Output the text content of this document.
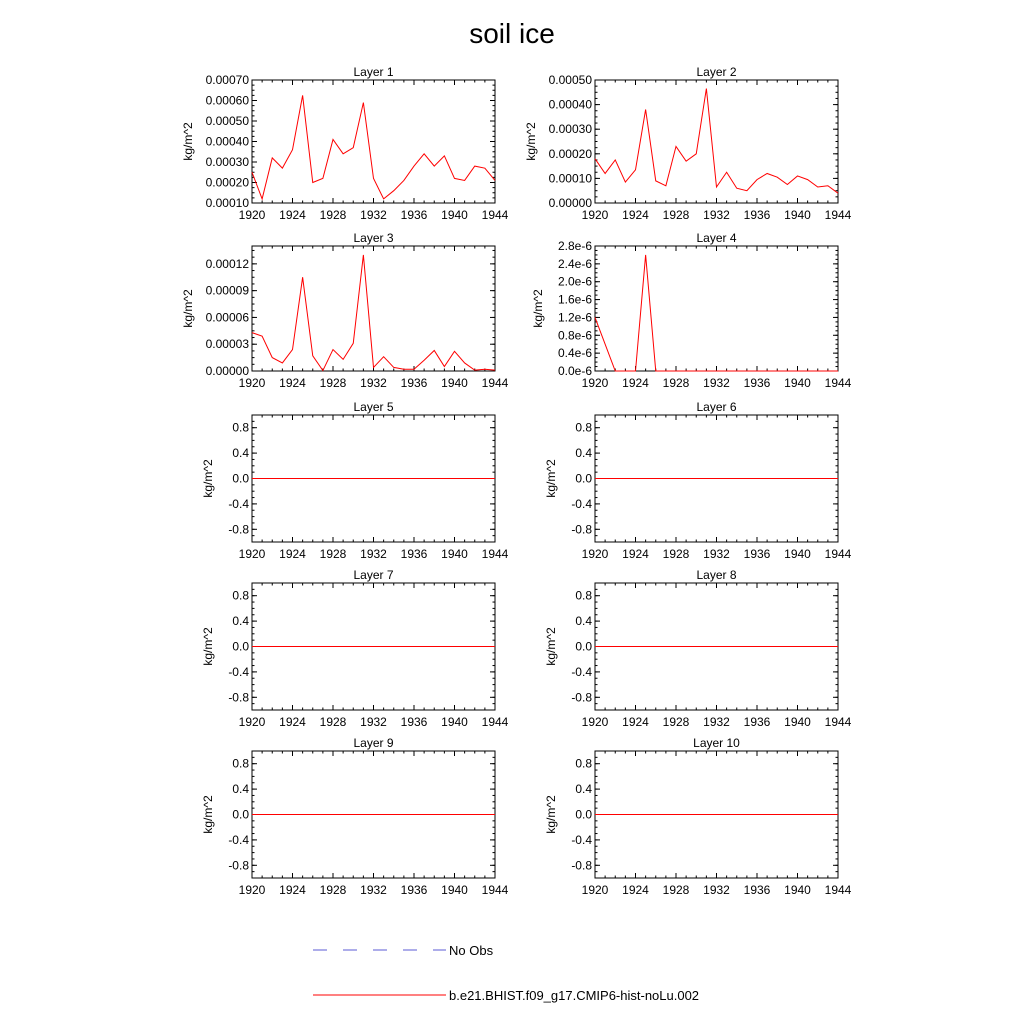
soil ice
Layer 1
1920 1924 1928 1932 1936 1940 1944
0.00010
0.00020
0.00030
0.00040
0.00050
0.00060
0.00070
kg/m^2
Layer 2
1920 1924 1928 1932 1936 1940 1944
0.00000
0.00010
0.00020
0.00030
0.00040
0.00050
kg/m^2
Layer 3
1920 1924 1928 1932 1936 1940 1944
0.00000
0.00003
0.00006
0.00009
0.00012
kg/m^2
Layer 4
1920 1924 1928 1932 1936 1940 1944
0.0e-6
0.4e-6
0.8e-6
1.2e-6
1.6e-6
2.0e-6
2.4e-6
2.8e-6
kg/m^2
Layer 5
1920 1924 1928 1932 1936 1940 1944
-0.8
-0.4
0.0
0.4
0.8
kg/m^2
Layer 6
1920 1924 1928 1932 1936 1940 1944
-0.8
-0.4
0.0
0.4
0.8
kg/m^2
Layer 7
1920 1924 1928 1932 1936 1940 1944
-0.8
-0.4
0.0
0.4
0.8
kg/m^2
Layer 8
1920 1924 1928 1932 1936 1940 1944
-0.8
-0.4
0.0
0.4
0.8
kg/m^2
Layer 9
1920 1924 1928 1932 1936 1940 1944
-0.8
-0.4
0.0
0.4
0.8
kg/m^2
Layer 10
1920 1924 1928 1932 1936 1940 1944
-0.8
-0.4
0.0
0.4
0.8
kg/m^2
No Obs
b.e21.BHIST.f09_g17.CMIP6-hist-noLu.002
